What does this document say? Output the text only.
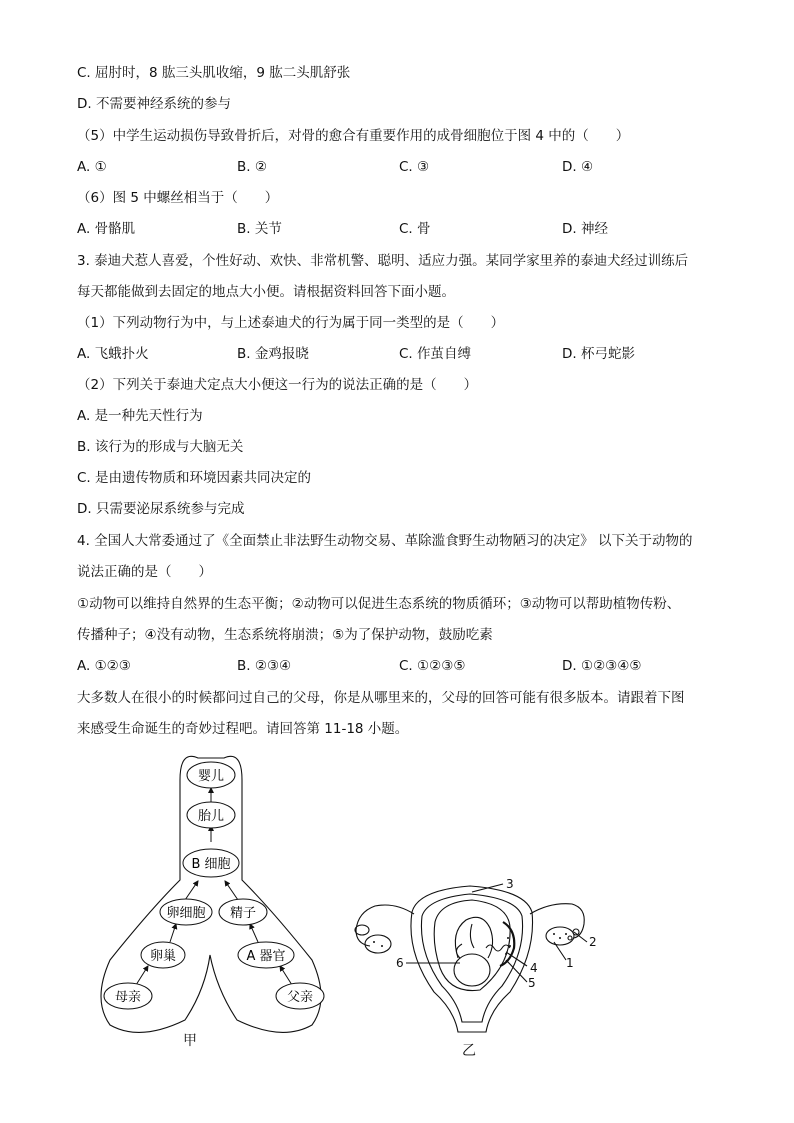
C. 屈肘时，8 肱三头肌收缩，9 肱二头肌舒张
D. 不需要神经系统的参与
（5）中学生运动损伤导致骨折后，对骨的愈合有重要作用的成骨细胞位于图 4 中的（　　）
A. ①	B. ②	C. ③	D. ④
（6）图 5 中螺丝相当于（　　）
A. 骨骼肌	B. 关节	C. 骨	D. 神经
3. 泰迪犬惹人喜爱，个性好动、欢快、非常机警、聪明、适应力强。某同学家里养的泰迪犬经过训练后
每天都能做到去固定的地点大小便。请根据资料回答下面小题。
（1）下列动物行为中，与上述泰迪犬的行为属于同一类型的是（　　）
A. 飞蛾扑火	B. 金鸡报晓	C. 作茧自缚	D. 杯弓蛇影
（2）下列关于泰迪犬定点大小便这一行为的说法正确的是（　　）
A. 是一种先天性行为
B. 该行为的形成与大脑无关
C. 是由遗传物质和环境因素共同决定的
D. 只需要泌尿系统参与完成
4. 全国人大常委通过了《全面禁止非法野生动物交易、革除滥食野生动物陋习的决定》 以下关于动物的
说法正确的是（　　）
①动物可以维持自然界的生态平衡；②动物可以促进生态系统的物质循环；③动物可以帮助植物传粉、
传播种子；④没有动物，生态系统将崩溃；⑤为了保护动物，鼓励吃素
A. ①②③	B. ②③④	C. ①②③⑤	D. ①②③④⑤
大多数人在很小的时候都问过自己的父母，你是从哪里来的，父母的回答可能有很多版本。请跟着下图
来感受生命诞生的奇妙过程吧。请回答第 11-18 小题。
婴儿
胎儿
B 细胞
卵细胞 精子
卵巢	A 器官
母亲	父亲
甲
3
2
1
4
5
6
乙
